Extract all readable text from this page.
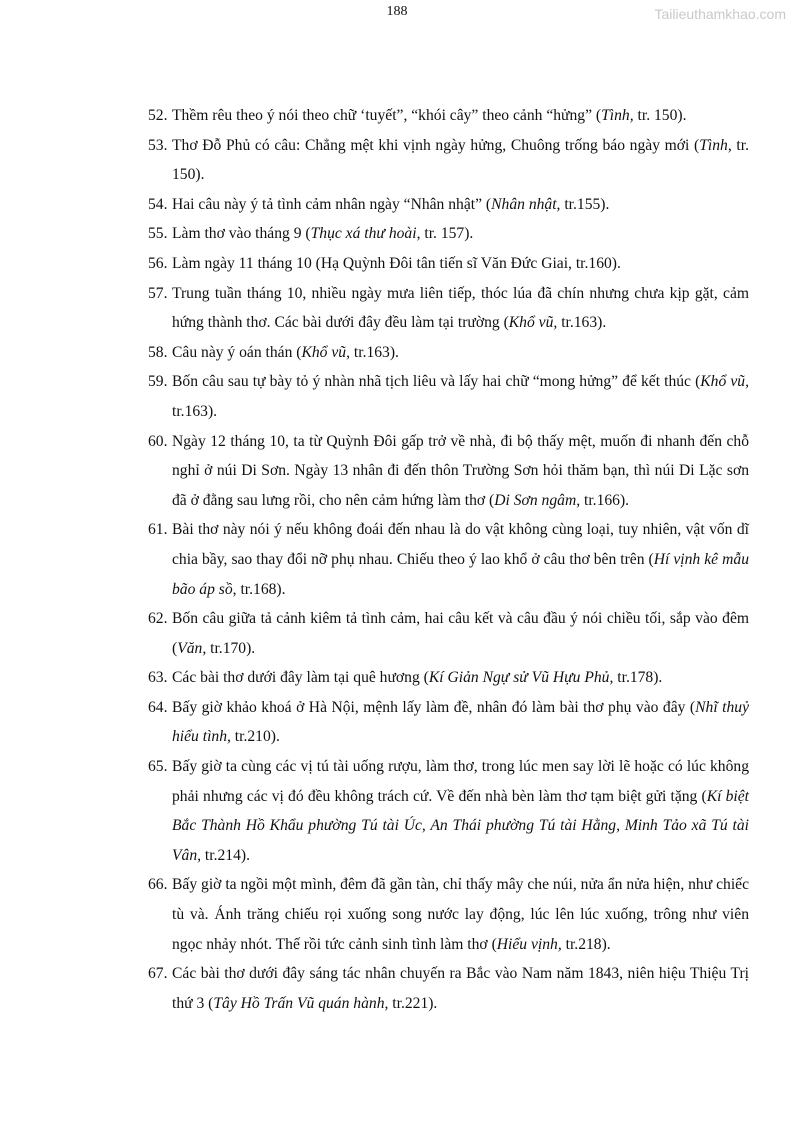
188	Tailieuthamkhao.com
52. Thềm rêu theo ý nói theo chữ ‘tuyết”, “khói cây” theo cảnh “hửng” (Tình, tr. 150).
53. Thơ Đỗ Phủ có câu: Chẳng mệt khi vịnh ngày hửng, Chuông trống báo ngày mới (Tình, tr. 150).
54. Hai câu này ý tả tình cảm nhân ngày “Nhân nhật” (Nhân nhật, tr.155).
55. Làm thơ vào tháng 9 (Thục xá thư hoài, tr. 157).
56. Làm ngày 11 tháng 10 (Hạ Quỳnh Đôi tân tiến sĩ Văn Đức Giai, tr.160).
57. Trung tuần tháng 10, nhiều ngày mưa liên tiếp, thóc lúa đã chín nhưng chưa kịp gặt, cảm hứng thành thơ. Các bài dưới đây đều làm tại trường (Khổ vũ, tr.163).
58. Câu này ý oán thán (Khổ vũ, tr.163).
59. Bốn câu sau tự bày tỏ ý nhàn nhã tịch liêu và lấy hai chữ “mong hửng” để kết thúc (Khổ vũ, tr.163).
60. Ngày 12 tháng 10, ta từ Quỳnh Đôi gấp trở về nhà, đi bộ thấy mệt, muốn đi nhanh đến chỗ nghỉ ở núi Di Sơn. Ngày 13 nhân đi đến thôn Trường Sơn hỏi thăm bạn, thì núi Di Lặc sơn đã ở đằng sau lưng rồi, cho nên cảm hứng làm thơ (Di Sơn ngâm, tr.166).
61. Bài thơ này nói ý nếu không đoái đến nhau là do vật không cùng loại, tuy nhiên, vật vốn dĩ chia bầy, sao thay đổi nỡ phụ nhau. Chiếu theo ý lao khổ ở câu thơ bên trên (Hí vịnh kê mẫu bão áp sồ, tr.168).
62. Bốn câu giữa tả cảnh kiêm tả tình cảm, hai câu kết và câu đầu ý nói chiều tối, sắp vào đêm (Văn, tr.170).
63. Các bài thơ dưới đây làm tại quê hương (Kí Giản Ngự sử Vũ Hựu Phủ, tr.178).
64. Bấy giờ khảo khoá ở Hà Nội, mệnh lấy làm đề, nhân đó làm bài thơ phụ vào đây (Nhĩ thuỷ hiểu tình, tr.210).
65. Bấy giờ ta cùng các vị tú tài uống rượu, làm thơ, trong lúc men say lời lẽ hoặc có lúc không phải nhưng các vị đó đều không trách cứ. Về đến nhà bèn làm thơ tạm biệt gửi tặng (Kí biệt Bắc Thành Hồ Khẩu phường Tú tài Úc, An Thái phường Tú tài Hằng, Minh Tảo xã Tú tài Vân, tr.214).
66. Bấy giờ ta ngồi một mình, đêm đã gần tàn, chỉ thấy mây che núi, nửa ẩn nửa hiện, như chiếc tù và. Ánh trăng chiếu rọi xuống song nước lay động, lúc lên lúc xuống, trông như viên ngọc nhảy nhót. Thế rồi tức cảnh sinh tình làm thơ (Hiểu vịnh, tr.218).
67. Các bài thơ dưới đây sáng tác nhân chuyến ra Bắc vào Nam năm 1843, niên hiệu Thiệu Trị thứ 3 (Tây Hồ Trấn Vũ quán hành, tr.221).
